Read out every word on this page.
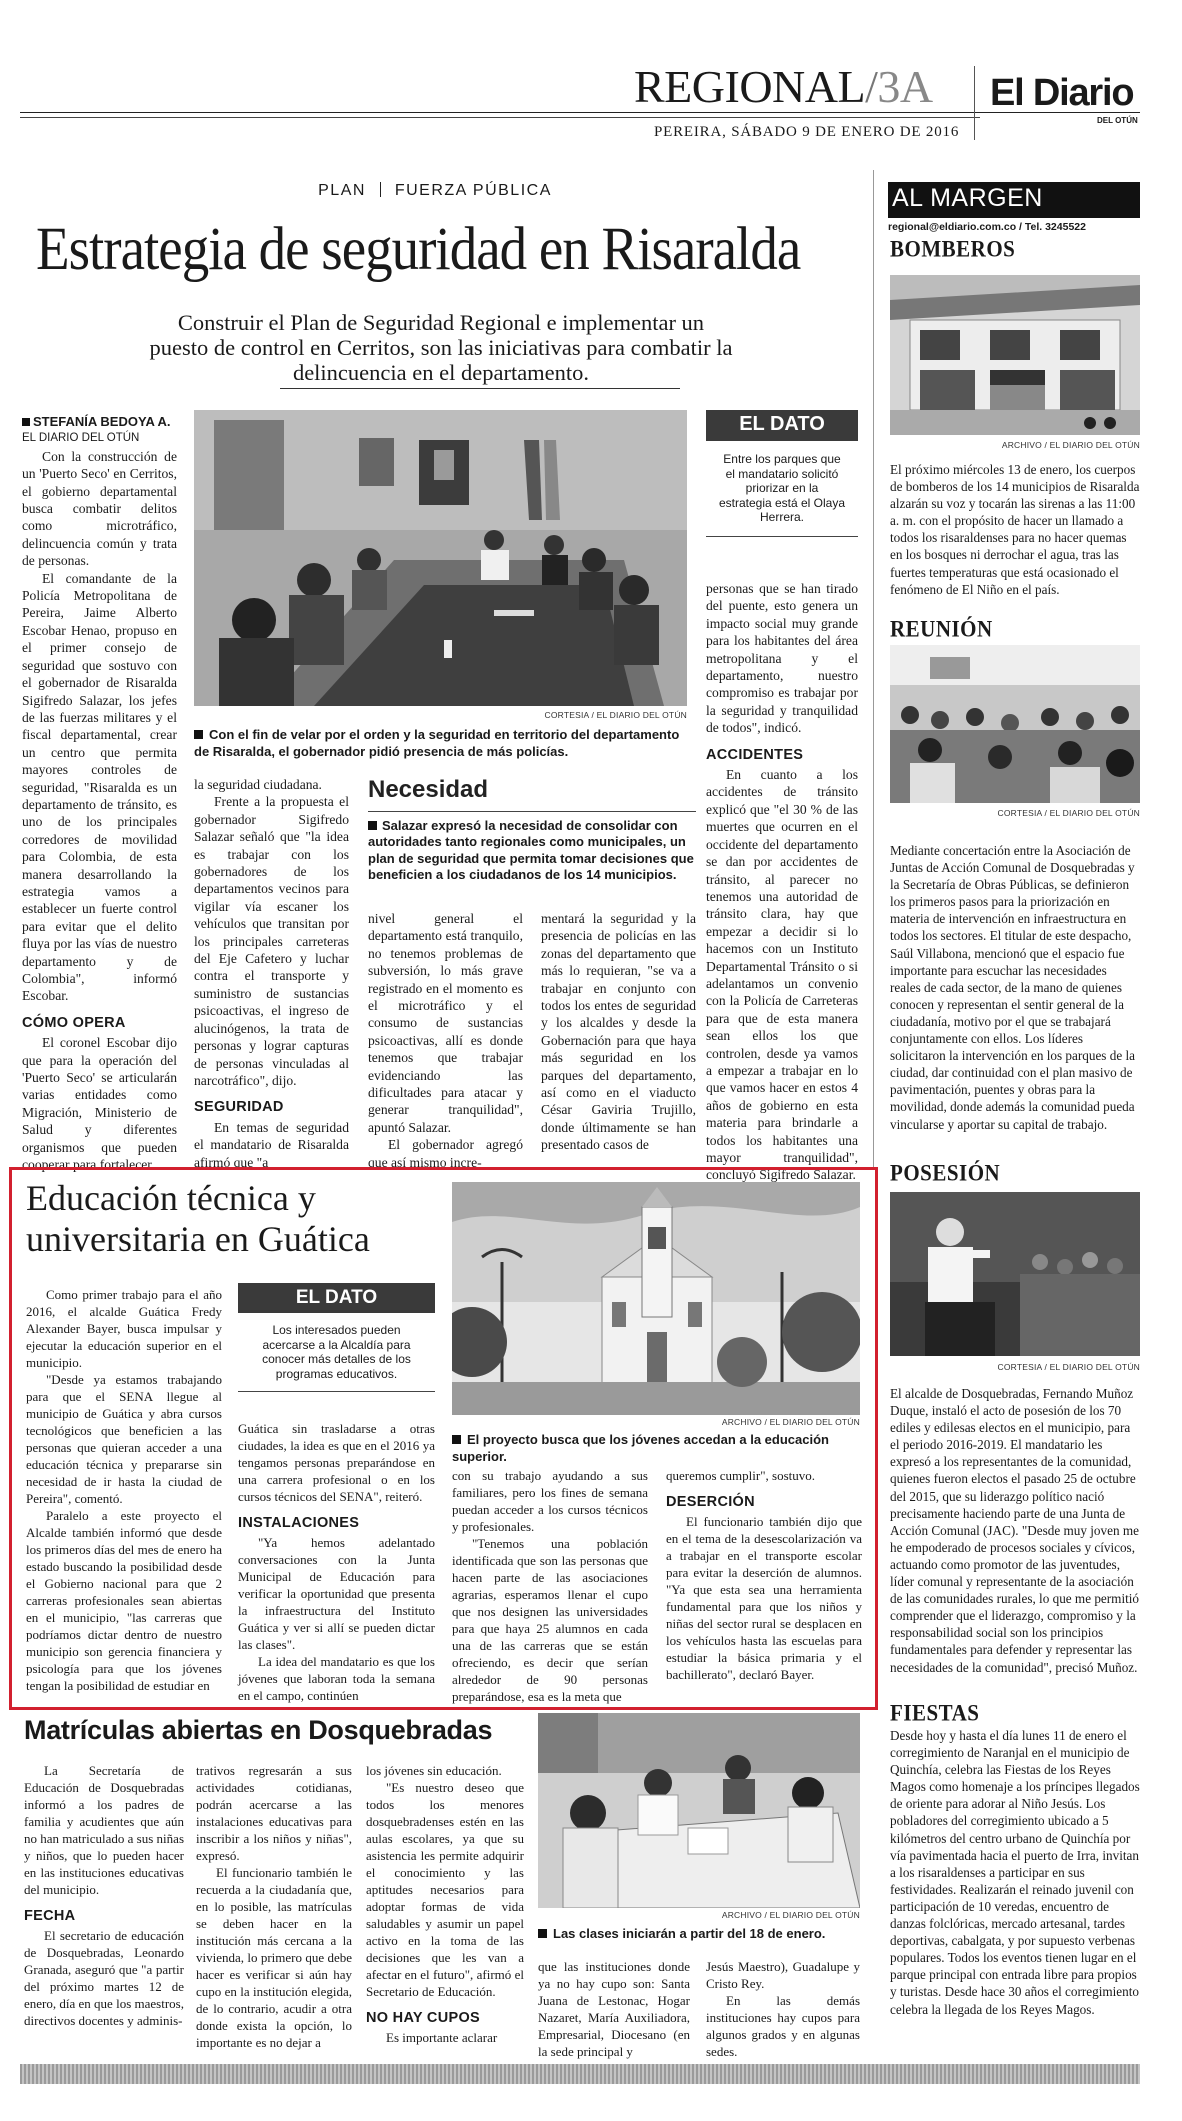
REGIONAL/3A El Diario
DEL OTÚN
PEREIRA, SÁBADO 9 DE ENERO DE 2016
PLAN FUERZA PÚBLICA
Estrategia de seguridad en Risaralda
Construir el Plan de Seguridad Regional e implementar un puesto de control en Cerritos, son las iniciativas para combatir la delincuencia en el departamento.
STEFANÍA BEDOYA A.
EL DIARIO DEL OTÚN

Con la construcción de un 'Puerto Seco' en Cerritos, el gobierno departamental busca combatir delitos como microtráfico, delincuencia común y trata de personas.

El comandante de la Policía Metropolitana de Pereira, Jaime Alberto Escobar Henao, propuso en el primer consejo de seguridad que sostuvo con el gobernador de Risaralda Sigifredo Salazar, los jefes de las fuerzas militares y el fiscal departamental, crear un centro que permita mayores controles de seguridad, "Risaralda es un departamento de tránsito, es uno de los principales corredores de movilidad para Colombia, de esta manera desarrollando la estrategia vamos a establecer un fuerte control para evitar que el delito fluya por las vías de nuestro departamento y de Colombia", informó Escobar.

CÓMO OPERA

El coronel Escobar dijo que para la operación del 'Puerto Seco' se articularán varias entidades como Migración, Ministerio de Salud y diferentes organismos que pueden cooperar para fortalecer

CORTESIA / EL DIARIO DEL OTÚN
Con el fin de velar por el orden y la seguridad en territorio del departamento de Risaralda, el gobernador pidió presencia de más policías.
la seguridad ciudadana.

Frente a la propuesta el gobernador Sigifredo Salazar señaló que "la idea es trabajar con los gobernadores de los departamentos vecinos para vigilar vía escaner los vehículos que transitan por los principales carreteras del Eje Cafetero y luchar contra el transporte y suministro de sustancias psicoactivas, el ingreso de alucinógenos, la trata de personas y lograr capturas de personas vinculadas al narcotráfico", dijo.

SEGURIDAD

En temas de seguridad el mandatario de Risaralda afirmó que "a

Necesidad
Salazar expresó la necesidad de consolidar con autoridades tanto regionales como municipales, un plan de seguridad que permita tomar decisiones que beneficien a los ciudadanos de los 14 municipios.
nivel general el departamento está tranquilo, no tenemos problemas de subversión, lo más grave registrado en el momento es el microtráfico y el consumo de sustancias psicoactivas, allí es donde tenemos que trabajar evidenciando las dificultades para atacar y generar tranquilidad", apuntó Salazar.

El gobernador agregó que así mismo incre-

mentará la seguridad y la presencia de policías en las zonas del departamento que más lo requieran, "se va a trabajar en conjunto con todos los entes de seguridad y los alcaldes y desde la Gobernación para que haya más seguridad en los parques del departamento, así como en el viaducto César Gaviria Trujillo, donde últimamente se han presentado casos de
EL DATO
Entre los parques que el mandatario solicitó priorizar en la estrategia está el Olaya Herrera.
personas que se han tirado del puente, esto genera un impacto social muy grande para los habitantes del área metropolitana y el departamento, nuestro compromiso es trabajar por la seguridad y tranquilidad de todos", indicó.
ACCIDENTES

En cuanto a los accidentes de tránsito explicó que "el 30 % de las muertes que ocurren en el occidente del departamento se dan por accidentes de tránsito, al parecer no tenemos una autoridad de tránsito clara, hay que empezar a decidir si lo hacemos con un Instituto Departamental Tránsito o si adelantamos un convenio con la Policía de Carreteras para que de esta manera sean ellos los que controlen, desde ya vamos a empezar a trabajar en lo que vamos hacer en estos 4 años de gobierno en esta materia para brindarle a todos los habitantes una mayor tranquilidad", concluyó Sigifredo Salazar.

Educación técnica y universitaria en Guática

Como primer trabajo para el año 2016, el alcalde Guática Fredy Alexander Bayer, busca impulsar y ejecutar la educación superior en el municipio.

"Desde ya estamos trabajando para que el SENA llegue al municipio de Guática y abra cursos tecnológicos que beneficien a las personas que quieran acceder a una educación técnica y prepararse sin necesidad de ir hasta la ciudad de Pereira", comentó.

Paralelo a este proyecto el Alcalde también informó que desde los primeros días del mes de enero ha estado buscando la posibilidad desde el Gobierno nacional para que 2 carreras profesionales sean abiertas en el municipio, "las carreras que podríamos dictar dentro de nuestro municipio son gerencia financiera y psicología para que los jóvenes tengan la posibilidad de estudiar en

EL DATO
Los interesados pueden acercarse a la Alcaldía para conocer más detalles de los programas educativos.
Guática sin trasladarse a otras ciudades, la idea es que en el 2016 ya tengamos personas preparándose en una carrera profesional o en los cursos técnicos del SENA", reiteró.
INSTALACIONES

"Ya hemos adelantado conversaciones con la Junta Municipal de Educación para verificar la oportunidad que presenta la infraestructura del Instituto Guática y ver si allí se pueden dictar las clases".

La idea del mandatario es que los jóvenes que laboran toda la semana en el campo, continúen

ARCHIVO / EL DIARIO DEL OTÚN
El proyecto busca que los jóvenes accedan a la educación superior.
con su trabajo ayudando a sus familiares, pero los fines de semana puedan acceder a los cursos técnicos y profesionales.

"Tenemos una población identificada que son las personas que hacen parte de las asociaciones agrarias, esperamos llenar el cupo que nos designen las universidades para que haya 25 alumnos en cada una de las carreras que se están ofreciendo, es decir que serían alrededor de 90 personas preparándose, esa es la meta que

queremos cumplir", sostuvo.
DESERCIÓN

El funcionario también dijo que en el tema de la desescolarización va a trabajar en el transporte escolar para evitar la deserción de alumnos. "Ya que esta sea una herramienta fundamental para que los niños y niñas del sector rural se desplacen en los vehículos hasta las escuelas para estudiar la básica primaria y el bachillerato", declaró Bayer.

Matrículas abiertas en Dosquebradas

La Secretaría de Educación de Dosquebradas informó a los padres de familia y acudientes que aún no han matriculado a sus niñas y niños, que lo pueden hacer en las instituciones educativas del municipio.

FECHA

El secretario de educación de Dosquebradas, Leonardo Granada, aseguró que "a partir del próximo martes 12 de enero, día en que los maestros, directivos docentes y adminis-

trativos regresarán a sus actividades cotidianas, podrán acercarse a las instalaciones educativas para inscribir a los niños y niñas", expresó.

El funcionario también le recuerda a la ciudadanía que, en lo posible, las matrículas se deben hacer en la institución más cercana a la vivienda, lo primero que debe hacer es verificar si aún hay cupo en la institución elegida, de lo contrario, acudir a otra donde exista la opción, lo importante es no dejar a

los jóvenes sin educación.

"Es nuestro deseo que todos los menores dosquebradenses estén en las aulas escolares, ya que su asistencia les permite adquirir el conocimiento y las aptitudes necesarios para adoptar formas de vida saludables y asumir un papel activo en la toma de las decisiones que les van a afectar en el futuro", afirmó el Secretario de Educación.

NO HAY CUPOS

Es importante aclarar

ARCHIVO / EL DIARIO DEL OTÚN
Las clases iniciarán a partir del 18 de enero.
que las instituciones donde ya no hay cupo son: Santa Juana de Lestonac, Hogar Nazaret, María Auxiliadora, Empresarial, Diocesano (en la sede principal y
Jesús Maestro), Guadalupe y Cristo Rey.

En las demás instituciones hay cupos para algunos grados y en algunas sedes.

AL MARGEN
regional@eldiario.com.co / Tel. 3245522
BOMBEROS
ARCHIVO / EL DIARIO DEL OTÚN

El próximo miércoles 13 de enero, los cuerpos de bomberos de los 14 municipios de Risaralda alzarán su voz y tocarán las sirenas a las 11:00 a. m. con el propósito de hacer un llamado a todos los risaraldenses para no hacer quemas en los bosques ni derrochar el agua, tras las fuertes temperaturas que está ocasionado el fenómeno de El Niño en el país.

REUNIÓN
CORTESIA / EL DIARIO DEL OTÚN

Mediante concertación entre la Asociación de Juntas de Acción Comunal de Dosquebradas y la Secretaría de Obras Públicas, se definieron los primeros pasos para la priorización en materia de intervención en infraestructura en todos los sectores. El titular de este despacho, Saúl Villabona, mencionó que el espacio fue importante para escuchar las necesidades reales de cada sector, de la mano de quienes conocen y representan el sentir general de la ciudadanía, motivo por el que se trabajará conjuntamente con ellos. Los líderes solicitaron la intervención en los parques de la ciudad, dar continuidad con el plan masivo de pavimentación, puentes y obras para la movilidad, donde además la comunidad pueda vincularse y aportar su capital de trabajo.

POSESIÓN
CORTESIA / EL DIARIO DEL OTÚN

El alcalde de Dosquebradas, Fernando Muñoz Duque, instaló el acto de posesión de los 70 ediles y edilesas electos en el municipio, para el periodo 2016-2019. El mandatario les expresó a los representantes de la comunidad, quienes fueron electos el pasado 25 de octubre del 2015, que su liderazgo político nació precisamente haciendo parte de una Junta de Acción Comunal (JAC). "Desde muy joven me he empoderado de procesos sociales y cívicos, actuando como promotor de las juventudes, líder comunal y representante de la asociación de las comunidades rurales, lo que me permitió comprender que el liderazgo, compromiso y la responsabilidad social son los principios fundamentales para defender y representar las necesidades de la comunidad", precisó Muñoz.

FIESTAS

Desde hoy y hasta el día lunes 11 de enero el corregimiento de Naranjal en el municipio de Quinchía, celebra las Fiestas de los Reyes Magos como homenaje a los príncipes llegados de oriente para adorar al Niño Jesús. Los pobladores del corregimiento ubicado a 5 kilómetros del centro urbano de Quinchía por vía pavimentada hacia el puerto de Irra, invitan a los risaraldenses a participar en sus festividades. Realizarán el reinado juvenil con participación de 10 veredas, encuentro de danzas folclóricas, mercado artesanal, tardes deportivas, cabalgata, y por supuesto verbenas populares. Todos los eventos tienen lugar en el parque principal con entrada libre para propios y turistas. Desde hace 30 años el corregimiento celebra la llegada de los Reyes Magos.
